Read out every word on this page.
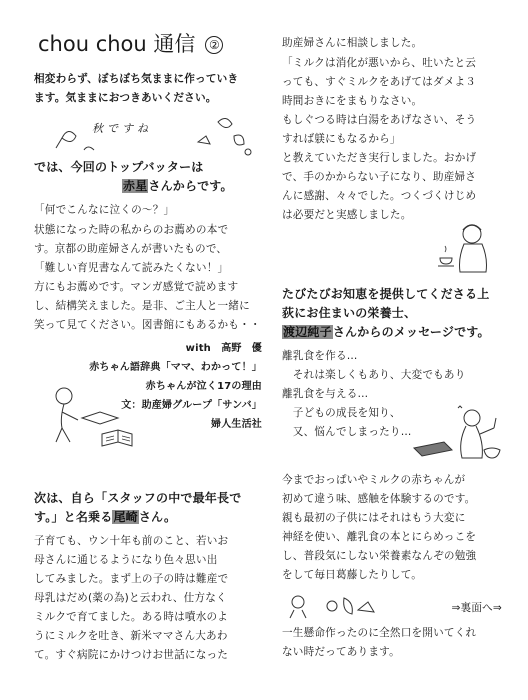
chou chou 通信 ②
相変わらず、ぼちぼち気ままに作っていき
ます。気ままにおつきあいください。
秋ですね
では、今回のトップバッターは
赤星さんからです。
「何でこんなに泣くの～？」
状態になった時の私からのお薦めの本で
す。京都の助産婦さんが書いたもので、
「難しい育児書なんて読みたくない！」
方にもお薦めです。マンガ感覚で読めます
し、結構笑えました。是非、ご主人と一緒に
笑って見てください。図書館にもあるかも・・
with　高野　優
赤ちゃん語辞典「ママ、わかって！」
赤ちゃんが泣く17の理由
文：助産婦グループ「サンバ」
婦人生活社
次は、自ら「スタッフの中で最年長で
す。」と名乗る尾崎さん。
子育ても、ウン十年も前のこと、若いお
母さんに通じるようになり色々思い出
してみました。まず上の子の時は難産で
母乳はだめ(薬の為)と云われ、仕方なく
ミルクで育てました。ある時は噴水のよ
うにミルクを吐き、新米ママさん大あわ
て。すぐ病院にかけつけお世話になった
助産婦さんに相談しました。
「ミルクは消化が悪いから、吐いたと云
っても、すぐミルクをあげてはダメよ３
時間おきにをまもりなさい。
もしぐつる時は白湯をあげなさい、そう
すれば躾にもなるから」
と教えていただき実行しました。おかげ
で、手のかからない子になり、助産婦さ
んに感謝、々々でした。つくづくけじめ
は必要だと実感しました。
たびたびお知恵を提供してくださる上
荻にお住まいの栄養士、
渡辺純子さんからのメッセージです。
離乳食を作る…
　それは楽しくもあり、大変でもあり
離乳食を与える…
　子どもの成長を知り、
　又、悩んでしまったり…
今までおっぱいやミルクの赤ちゃんが
初めて違う味、感触を体験するのです。
親も最初の子供にはそれはもう大変に
神経を使い、離乳食の本とにらめっこを
し、普段気にしない栄養素なんぞの勉強
をして毎日葛藤したりして。
⇒裏面へ⇒
一生懸命作ったのに全然口を開いてくれ
ない時だってあります。
